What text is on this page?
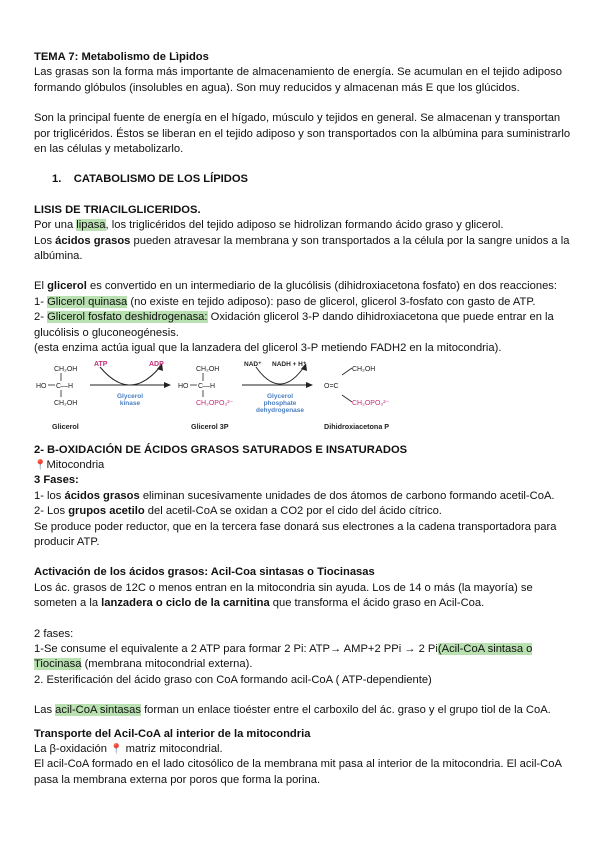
TEMA 7: Metabolismo de Lìpidos

Las grasas son la forma más importante de almacenamiento de energía. Se acumulan en el tejido adiposo formando glóbulos (insolubles en agua). Son muy reducidos y almacenan más E que los glúcidos.

Son la principal fuente de energía en el hígado, músculo y tejidos en general. Se almacenan y transportan por triglicéridos. Éstos se liberan en el tejido adiposo y son transportados con la albúmina para suministrarlo en las células y metabolizarlo.

1. CATABOLISMO DE LOS LÍPIDOS

LISIS DE TRIACILGLICERIDOS.

Por una lipasa, los triglicéridos del tejido adiposo se hidrolizan formando ácido graso y glicerol.

Los ácidos grasos pueden atravesar la membrana y son transportados a la célula por la sangre unidos a la albúmina.

El glicerol es convertido en un intermediario de la glucólisis (dihidroxiacetona fosfato) en dos reacciones:

1- Glicerol quinasa (no existe en tejido adiposo): paso de glicerol, glicerol 3-fosfato con gasto de ATP.

2- Glicerol fosfato deshidrogenasa: Oxidación glicerol 3-P dando dihidroxiacetona que puede entrar en la glucólisis o gluconeogénesis.

(esta enzima actúa igual que la lanzadera del glicerol 3-P metiendo FADH2 en la mitocondria).

CH₂OH
HO C—H
CH₂OH
ATP	ADP
Glycerol kinase
CH₂OH
HO C—H
CH₂OPO₃²⁻
NAD⁺ NADH + H⁺
Glycerol phosphate dehydrogenase
CH₂OH
O=C
CH₂OPO₃²⁻
Glicerol	Glicerol 3P	Dihidroxiacetona P

2- B-OXIDACIÓN DE ÁCIDOS GRASOS SATURADOS E INSATURADOS

📍Mitocondria

3 Fases:

1- los ácidos grasos eliminan sucesivamente unidades de dos átomos de carbono formando acetil-CoA.

2- Los grupos acetilo del acetil-CoA se oxidan a CO2 por el cido del ácido cítrico.

Se produce poder reductor, que en la tercera fase donará sus electrones a la cadena transportadora para producir ATP.

Activación de los ácidos grasos: Acil-Coa sintasas o Tiocinasas

Los ác. grasos de 12C o menos entran en la mitocondria sin ayuda. Los de 14 o más (la mayoría) se someten a la lanzadera o ciclo de la carnitina que transforma el ácido graso en Acil-Coa.

2 fases:

1-Se consume el equivalente a 2 ATP para formar 2 Pi: ATP→ AMP+2 PPi → 2 Pi(Acil-CoA sintasa o Tiocinasa (membrana mitocondrial externa).

2. Esterificación del ácido graso con CoA formando acil-CoA ( ATP-dependiente)

Las acil-CoA sintasas forman un enlace tioéster entre el carboxilo del ác. graso y el grupo tiol de la CoA.

Transporte del Acil-CoA al interior de la mitocondria

La β-oxidación 📍 matriz mitocondrial.

El acil-CoA formado en el lado citosólico de la membrana mit pasa al interior de la mitocondria. El acil-CoA pasa la membrana externa por poros que forma la porina.
